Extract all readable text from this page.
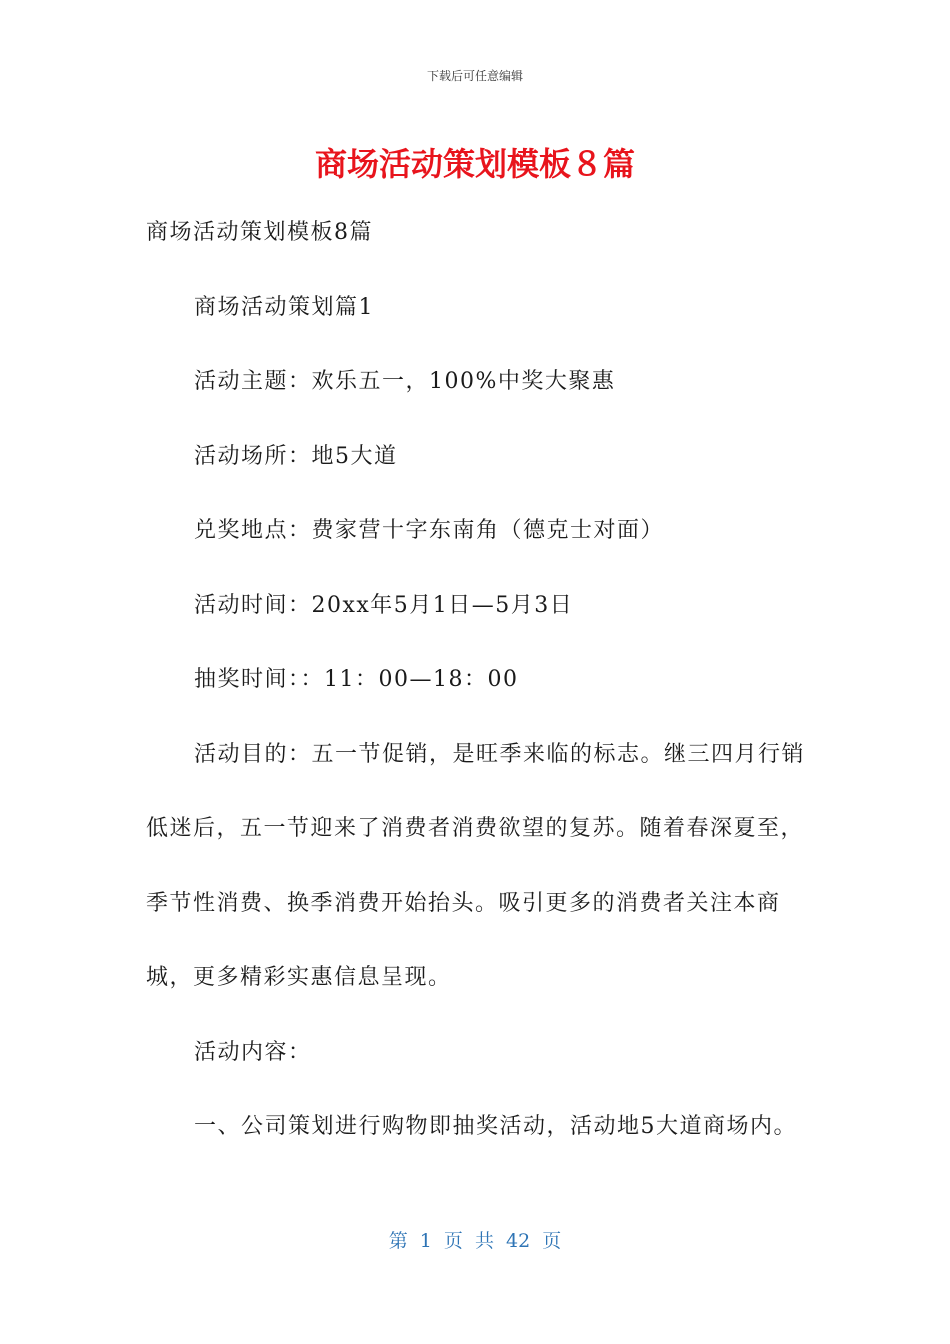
下载后可任意编辑
商场活动策划模板８篇

商场活动策划模板8篇

商场活动策划篇1

活动主题：欢乐五一，100%中奖大聚惠

活动场所：地5大道

兑奖地点：费家营十字东南角（德克士对面）

活动时间：20xx年5月1日—5月3日

抽奖时间：：11：00—18：00

活动目的：五一节促销，是旺季来临的标志。继三四月行销低迷后，五一节迎来了消费者消费欲望的复苏。随着春深夏至，季节性消费、换季消费开始抬头。吸引更多的消费者关注本商城，更多精彩实惠信息呈现。

活动内容：

一、公司策划进行购物即抽奖活动，活动地5大道商场内。

第 1 页 共 42 页
